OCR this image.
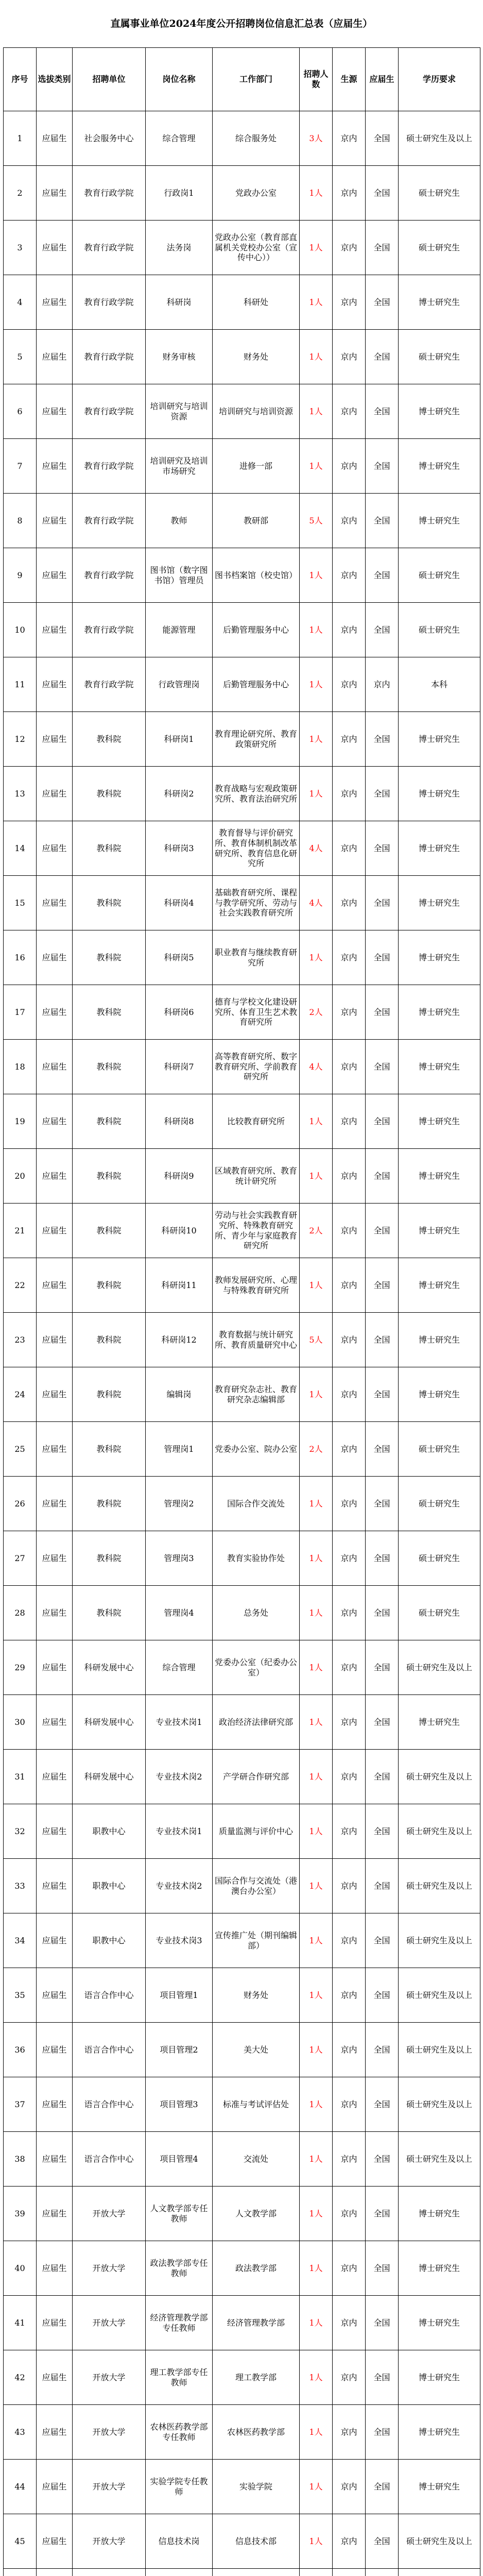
直属事业单位2024年度公开招聘岗位信息汇总表（应届生）
序号	选拔类别	招聘单位	岗位名称	工作部门	招聘人数	生源	应届生	学历要求
1	应届生	社会服务中心	综合管理	综合服务处	3人	京内	全国	硕士研究生及以上
2	应届生	教育行政学院	行政岗1	党政办公室	1人	京内	全国	硕士研究生
3	应届生	教育行政学院	法务岗	党政办公室（教育部直属机关党校办公室（宣传中心））	1人	京内	全国	硕士研究生
4	应届生	教育行政学院	科研岗	科研处	1人	京内	全国	博士研究生
5	应届生	教育行政学院	财务审核	财务处	1人	京内	全国	硕士研究生
6	应届生	教育行政学院	培训研究与培训资源	培训研究与培训资源	1人	京内	全国	博士研究生
7	应届生	教育行政学院	培训研究及培训市场研究	进修一部	1人	京内	全国	博士研究生
8	应届生	教育行政学院	教师	教研部	5人	京内	全国	博士研究生
9	应届生	教育行政学院	图书馆（数字图书馆）管理员	图书档案馆（校史馆）	1人	京内	全国	硕士研究生
10	应届生	教育行政学院	能源管理	后勤管理服务中心	1人	京内	全国	硕士研究生
11	应届生	教育行政学院	行政管理岗	后勤管理服务中心	1人	京内	京内	本科
12	应届生	教科院	科研岗1	教育理论研究所、教育政策研究所	1人	京内	全国	博士研究生
13	应届生	教科院	科研岗2	教育战略与宏观政策研究所、教育法治研究所	1人	京内	全国	博士研究生
14	应届生	教科院	科研岗3	教育督导与评价研究所、教育体制机制改革研究所、教育信息化研究所	4人	京内	全国	博士研究生
15	应届生	教科院	科研岗4	基础教育研究所、课程与教学研究所、劳动与社会实践教育研究所	4人	京内	全国	博士研究生
16	应届生	教科院	科研岗5	职业教育与继续教育研究所	1人	京内	全国	博士研究生
17	应届生	教科院	科研岗6	德育与学校文化建设研究所、体育卫生艺术教育研究所	2人	京内	全国	博士研究生
18	应届生	教科院	科研岗7	高等教育研究所、数字教育研究所、学前教育研究所	4人	京内	全国	博士研究生
19	应届生	教科院	科研岗8	比较教育研究所	1人	京内	全国	博士研究生
20	应届生	教科院	科研岗9	区域教育研究所、教育统计研究所	1人	京内	全国	博士研究生
21	应届生	教科院	科研岗10	劳动与社会实践教育研究所、特殊教育研究所、青少年与家庭教育研究所	2人	京内	全国	博士研究生
22	应届生	教科院	科研岗11	教师发展研究所、心理与特殊教育研究所	1人	京内	全国	博士研究生
23	应届生	教科院	科研岗12	教育数据与统计研究所、教育质量研究中心	5人	京内	全国	博士研究生
24	应届生	教科院	编辑岗	教育研究杂志社、教育研究杂志编辑部	1人	京内	全国	博士研究生
25	应届生	教科院	管理岗1	党委办公室、院办公室	2人	京内	全国	硕士研究生
26	应届生	教科院	管理岗2	国际合作交流处	1人	京内	全国	硕士研究生
27	应届生	教科院	管理岗3	教育实验协作处	1人	京内	全国	硕士研究生
28	应届生	教科院	管理岗4	总务处	1人	京内	全国	硕士研究生
29	应届生	科研发展中心	综合管理	党委办公室（纪委办公室）	1人	京内	全国	硕士研究生及以上
30	应届生	科研发展中心	专业技术岗1	政治经济法律研究部	1人	京内	全国	博士研究生
31	应届生	科研发展中心	专业技术岗2	产学研合作研究部	1人	京内	全国	硕士研究生及以上
32	应届生	职教中心	专业技术岗1	质量监测与评价中心	1人	京内	全国	硕士研究生及以上
33	应届生	职教中心	专业技术岗2	国际合作与交流处（港澳台办公室）	1人	京内	全国	硕士研究生及以上
34	应届生	职教中心	专业技术岗3	宣传推广处（期刊编辑部）	1人	京内	全国	硕士研究生及以上
35	应届生	语言合作中心	项目管理1	财务处	1人	京内	全国	硕士研究生及以上
36	应届生	语言合作中心	项目管理2	美大处	1人	京内	全国	硕士研究生及以上
37	应届生	语言合作中心	项目管理3	标准与考试评估处	1人	京内	全国	硕士研究生及以上
38	应届生	语言合作中心	项目管理4	交流处	1人	京内	全国	硕士研究生及以上
39	应届生	开放大学	人文教学部专任教师	人文教学部	1人	京内	全国	博士研究生
40	应届生	开放大学	政法教学部专任教师	政法教学部	1人	京内	全国	博士研究生
41	应届生	开放大学	经济管理教学部专任教师	经济管理教学部	1人	京内	全国	博士研究生
42	应届生	开放大学	理工教学部专任教师	理工教学部	1人	京内	全国	博士研究生
43	应届生	开放大学	农林医药教学部专任教师	农林医药教学部	1人	京内	全国	博士研究生
44	应届生	开放大学	实验学院专任教师	实验学院	1人	京内	全国	博士研究生
45	应届生	开放大学	信息技术岗	信息技术部	1人	京内	全国	硕士研究生及以上
